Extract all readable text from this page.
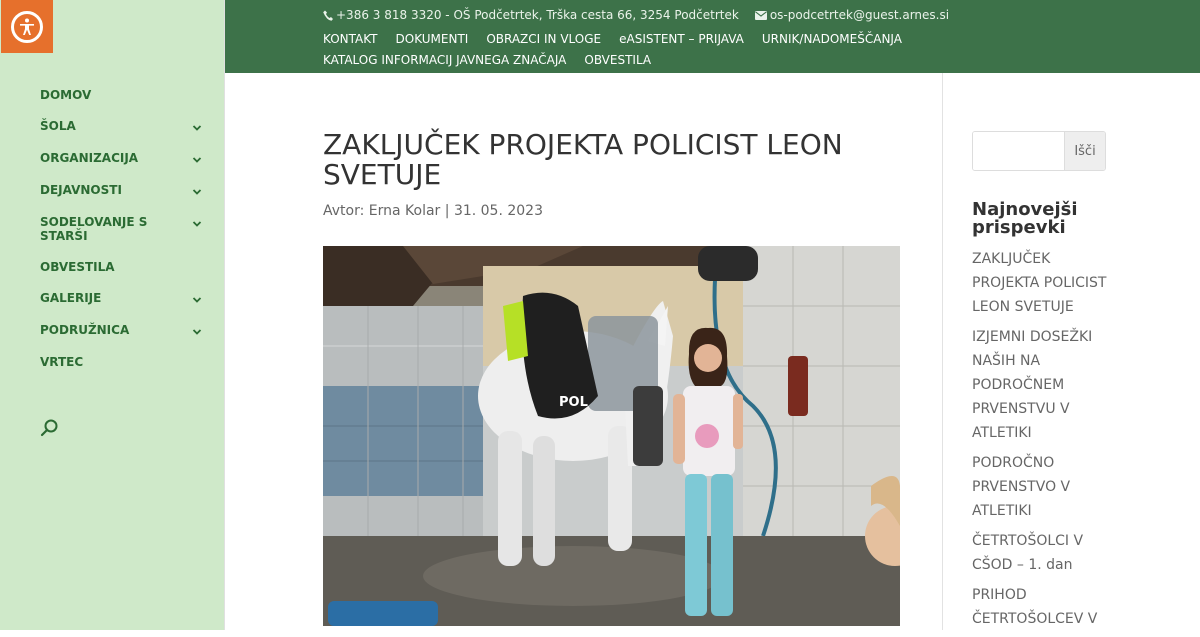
DOMOV
ŠOLA
ORGANIZACIJA
DEJAVNOSTI
SODELOVANJE S STARŠI
OBVESTILA
GALERIJE
PODRUŽNICA
VRTEC
+386 3 818 3320 - OŠ Podčetrtek, Trška cesta 66, 3254 Podčetrtek	os-podcetrtek@guest.arnes.si
KONTAKT DOKUMENTI OBRAZCI IN VLOGE eASISTENT – PRIJAVA URNIK/NADOMEŠČANJA
KATALOG INFORMACIJ JAVNEGA ZNAČAJA OBVESTILA
ZAKLJUČEK PROJEKTA POLICIST LEON SVETUJE
Avtor: Erna Kolar | 31. 05. 2023
POL
Išči
Najnovejši prispevki
ZAKLJUČEK PROJEKTA POLICIST LEON SVETUJE
IZJEMNI DOSEŽKI NAŠIH NA PODROČNEM PRVENSTVU V ATLETIKI
PODROČNO PRVENSTVO V ATLETIKI
ČETRTOŠOLCI V CŠOD – 1. dan
PRIHOD ČETRTOŠOLCEV V
